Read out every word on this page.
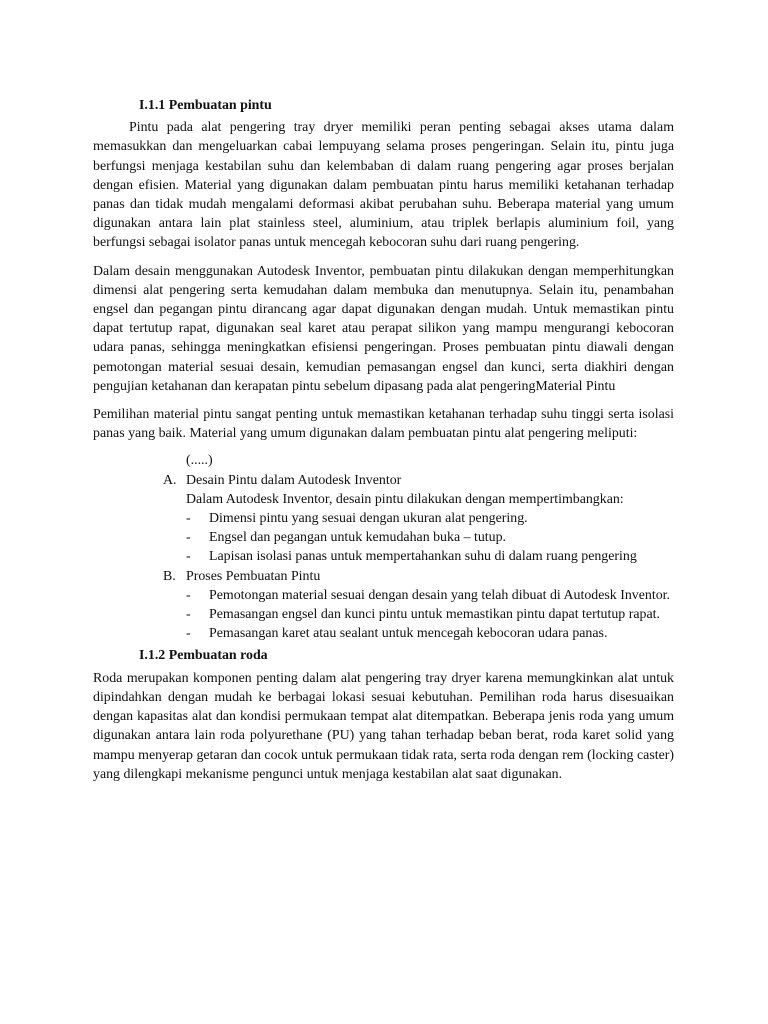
I.1.1 Pembuatan pintu

Pintu pada alat pengering tray dryer memiliki peran penting sebagai akses utama dalam memasukkan dan mengeluarkan cabai lempuyang selama proses pengeringan. Selain itu, pintu juga berfungsi menjaga kestabilan suhu dan kelembaban di dalam ruang pengering agar proses berjalan dengan efisien. Material yang digunakan dalam pembuatan pintu harus memiliki ketahanan terhadap panas dan tidak mudah mengalami deformasi akibat perubahan suhu. Beberapa material yang umum digunakan antara lain plat stainless steel, aluminium, atau triplek berlapis aluminium foil, yang berfungsi sebagai isolator panas untuk mencegah kebocoran suhu dari ruang pengering.

Dalam desain menggunakan Autodesk Inventor, pembuatan pintu dilakukan dengan memperhitungkan dimensi alat pengering serta kemudahan dalam membuka dan menutupnya. Selain itu, penambahan engsel dan pegangan pintu dirancang agar dapat digunakan dengan mudah. Untuk memastikan pintu dapat tertutup rapat, digunakan seal karet atau perapat silikon yang mampu mengurangi kebocoran udara panas, sehingga meningkatkan efisiensi pengeringan. Proses pembuatan pintu diawali dengan pemotongan material sesuai desain, kemudian pemasangan engsel dan kunci, serta diakhiri dengan pengujian ketahanan dan kerapatan pintu sebelum dipasang pada alat pengeringMaterial Pintu

Pemilihan material pintu sangat penting untuk memastikan ketahanan terhadap suhu tinggi serta isolasi panas yang baik. Material yang umum digunakan dalam pembuatan pintu alat pengering meliputi:

(.....)
A. Desain Pintu dalam Autodesk Inventor

Dalam Autodesk Inventor, desain pintu dilakukan dengan mempertimbangkan:

-	Dimensi pintu yang sesuai dengan ukuran alat pengering.
-	Engsel dan pegangan untuk kemudahan buka – tutup.
-	Lapisan isolasi panas untuk mempertahankan suhu di dalam ruang pengering
B. Proses Pembuatan Pintu
-	Pemotongan material sesuai dengan desain yang telah dibuat di Autodesk Inventor.
-	Pemasangan engsel dan kunci pintu untuk memastikan pintu dapat tertutup rapat.
-	Pemasangan karet atau sealant untuk mencegah kebocoran udara panas.
I.1.2 Pembuatan roda

Roda merupakan komponen penting dalam alat pengering tray dryer karena memungkinkan alat untuk dipindahkan dengan mudah ke berbagai lokasi sesuai kebutuhan. Pemilihan roda harus disesuaikan dengan kapasitas alat dan kondisi permukaan tempat alat ditempatkan. Beberapa jenis roda yang umum digunakan antara lain roda polyurethane (PU) yang tahan terhadap beban berat, roda karet solid yang mampu menyerap getaran dan cocok untuk permukaan tidak rata, serta roda dengan rem (locking caster) yang dilengkapi mekanisme pengunci untuk menjaga kestabilan alat saat digunakan.
